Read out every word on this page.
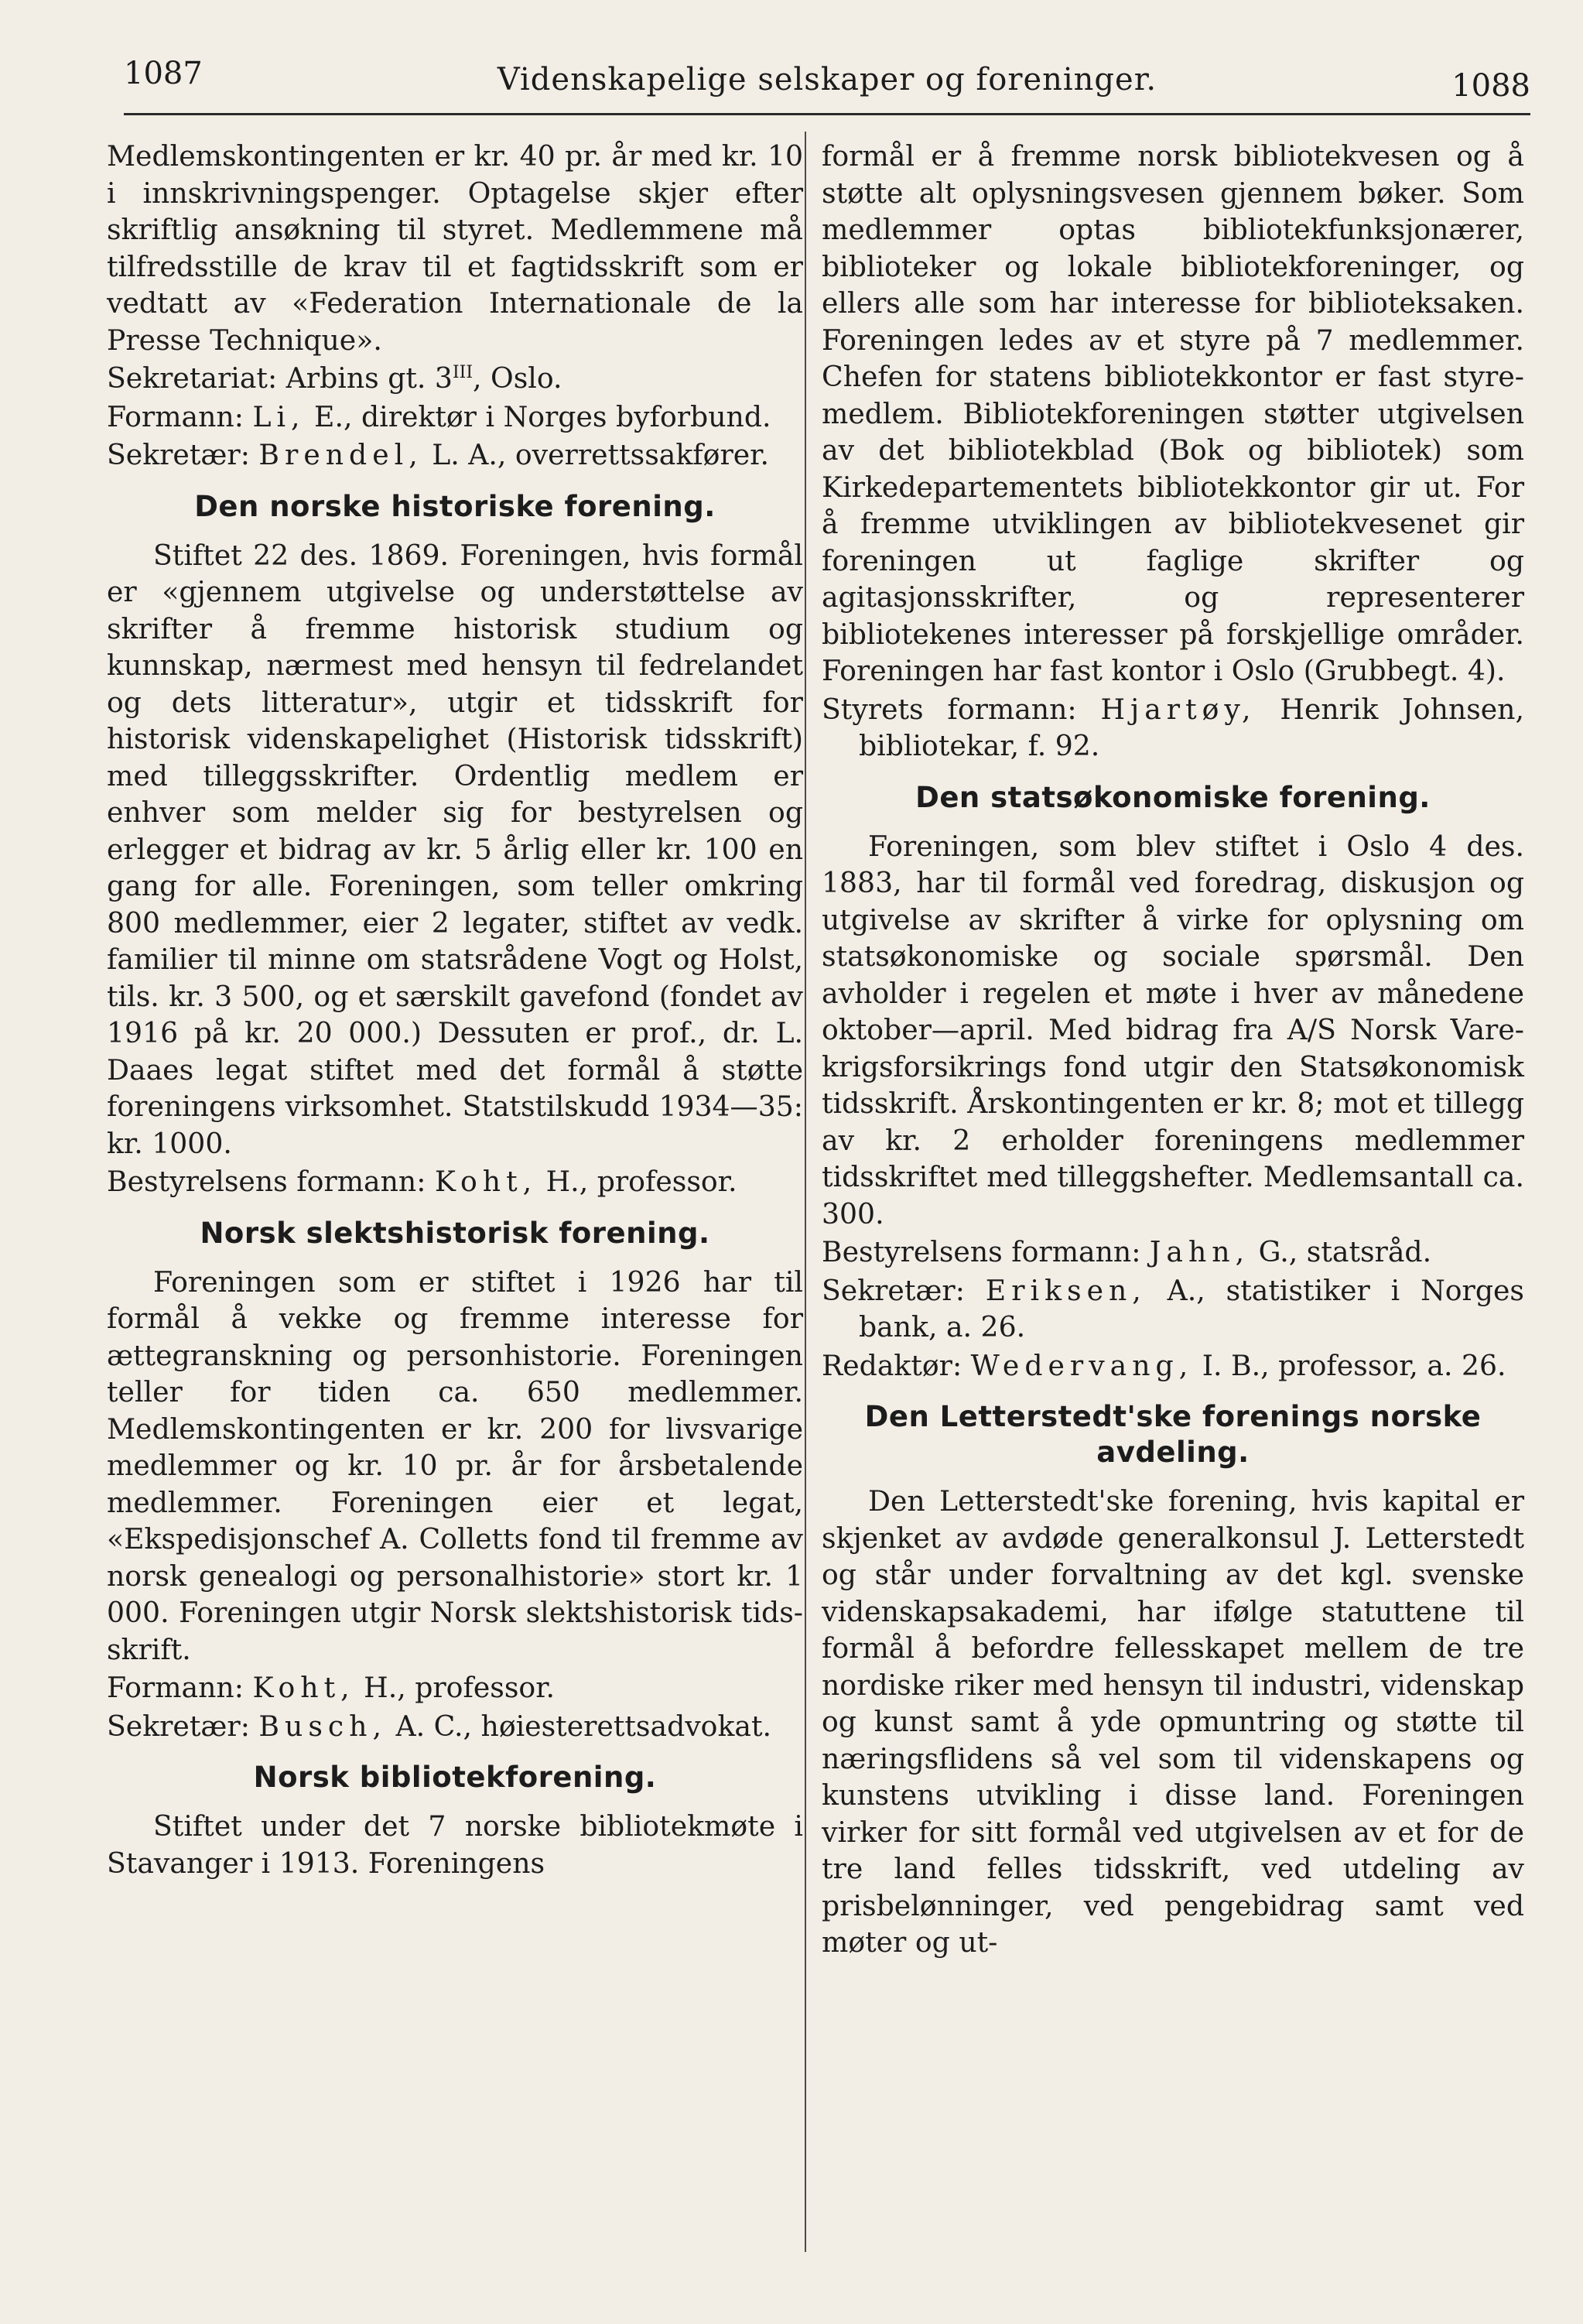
1087	Videnskapelige selskaper og foreninger.	1088

Medlemskontingenten er kr. 40 pr. år med kr. 10 i innskrivningspenger. Optagelse skjer efter skriftlig ansøkning til styret. Medlemmene må tilfredsstille de krav til et fagtidsskrift som er vedtatt av «Federation Internationale de la Presse Technique».

Sekretariat: Arbins gt. $3^{III}$, Oslo.

Formann: Li, E., direktør i Norges byforbund.

Sekretær: Brendel, L. A., overrettssakfører.

Den norske historiske forening.

Stiftet 22 des. 1869. Foreningen, hvis formål er «gjennem utgivelse og understøttelse av skrifter å fremme historisk studium og kunnskap, nærmest med hensyn til fedrelandet og dets litteratur», utgir et tidsskrift for historisk videnskapelighet (Historisk tidsskrift) med tilleggsskrifter. Ordentlig medlem er enhver som melder sig for bestyrelsen og erlegger et bidrag av kr. 5 årlig eller kr. 100 en gang for alle. Foreningen, som teller omkring 800 medlemmer, eier 2 legater, stiftet av vedk. familier til minne om statsrådene Vogt og Holst, tils. kr. 3 500, og et særskilt gavefond (fondet av 1916 på kr. 20 000.) Dessuten er prof., dr. L. Daaes legat stiftet med det formål å støtte foreningens virksomhet. Statstilskudd 1934—35: kr. 1000.

Bestyrelsens formann: Koht, H., professor.

Norsk slektshistorisk forening.

Foreningen som er stiftet i 1926 har til formål å vekke og fremme interesse for ættegranskning og personhistorie. Foreningen teller for tiden ca. 650 medlemmer. Medlemskontingenten er kr. 200 for livsvarige medlemmer og kr. 10 pr. år for årsbetalende medlemmer. Foreningen eier et legat, «Ekspedisjonschef A. Colletts fond til fremme av norsk genealogi og personalhistorie» stort kr. 1 000. Foreningen utgir Norsk slektshistorisk tidsskrift.

Formann: Koht, H., professor.

Sekretær: Busch, A. C., høiesterettsadvokat.

Norsk bibliotekforening.

Stiftet under det 7 norske bibliotekmøte i Stavanger i 1913. Foreningens

formål er å fremme norsk bibliotekvesen og å støtte alt oplysningsvesen gjennem bøker. Som medlemmer optas bibliotekfunksjonærer, biblioteker og lokale bibliotekforeninger, og ellers alle som har interesse for biblioteksaken. Foreningen ledes av et styre på 7 medlemmer. Chefen for statens bibliotekkontor er fast styremedlem. Bibliotekforeningen støtter utgivelsen av det bibliotekblad (Bok og bibliotek) som Kirkedepartementets bibliotekkontor gir ut. For å fremme utviklingen av bibliotekvesenet gir foreningen ut faglige skrifter og agitasjonsskrifter, og representerer bibliotekenes interesser på forskjellige områder. Foreningen har fast kontor i Oslo (Grubbegt. 4).

Styrets formann: Hjartøy, Henrik Johnsen, bibliotekar, f. 92.

Den statsøkonomiske forening.

Foreningen, som blev stiftet i Oslo 4 des. 1883, har til formål ved foredrag, diskusjon og utgivelse av skrifter å virke for oplysning om statsøkonomiske og sociale spørsmål. Den avholder i regelen et møte i hver av månedene oktober—april. Med bidrag fra A/S Norsk Varekrigsforsikrings fond utgir den Statsøkonomisk tidsskrift. Årskontingenten er kr. 8; mot et tillegg av kr. 2 erholder foreningens medlemmer tidsskriftet med tilleggshefter. Medlemsantall ca. 300.

Bestyrelsens formann: Jahn, G., statsråd.

Sekretær: Eriksen, A., statistiker i Norges bank, a. 26.

Redaktør: Wedervang, I. B., professor, a. 26.

Den Letterstedt'ske forenings norske avdeling.

Den Letterstedt'ske forening, hvis kapital er skjenket av avdøde generalkonsul J. Letterstedt og står under forvaltning av det kgl. svenske videnskapsakademi, har ifølge statuttene til formål å befordre fellesskapet mellem de tre nordiske riker med hensyn til industri, videnskap og kunst samt å yde opmuntring og støtte til næringsflidens så vel som til videnskapens og kunstens utvikling i disse land. Foreningen virker for sitt formål ved utgivelsen av et for de tre land felles tidsskrift, ved utdeling av prisbelønninger, ved pengebidrag samt ved møter og ut-
